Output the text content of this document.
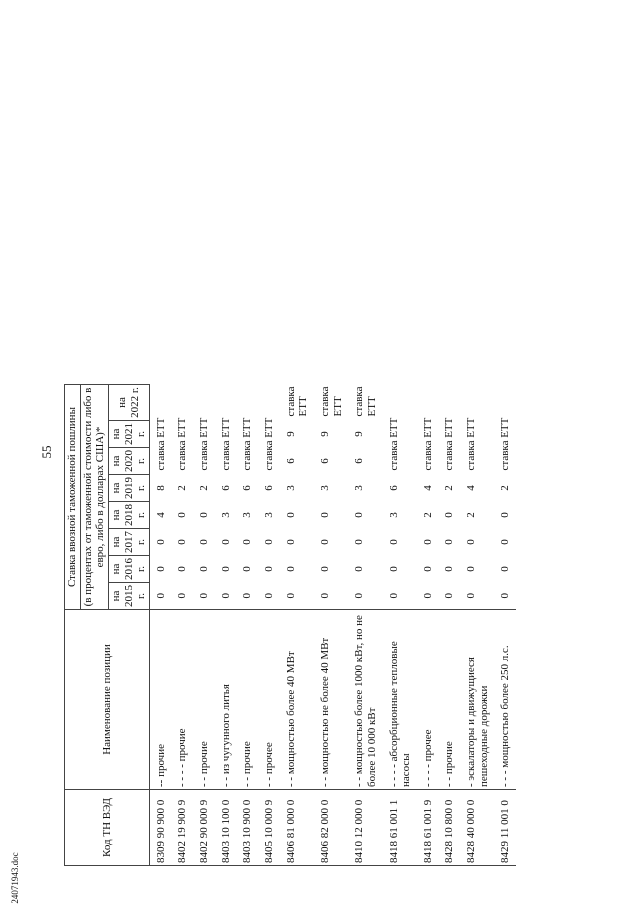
55
24071943.doc
Код ТН ВЭД	Наименование позиции	Ставка ввозной таможенной пошлины							
		(в процентах от таможенной стоимости либо в евро, либо в долларах США)*							
		на 2015 г.	на 2016 г.	на 2017 г.	на 2018 г.	на 2019 г.	на 2020 г.	на 2021 г.	на 2022 г.
8309 90 900 0	-- прочие	0	0	0	4	8	ставка ЕТТ		
8402 19 900 9	- - - - прочие	0	0	0	0	2	ставка ЕТТ		
8402 90 000 9	- - прочие	0	0	0	0	2	ставка ЕТТ		
8403 10 100 0	- - из чугунного литья	0	0	0	3	6	ставка ЕТТ		
8403 10 900 0	- - прочие	0	0	0	3	6	ставка ЕТТ		
8405 10 000 9	- - прочее	0	0	0	3	6	ставка ЕТТ		
8406 81 000 0	- - мощностью более 40 МВт	0	0	0	0	3	6	9	ставка ЕТТ
8406 82 000 0	- - мощностью не более 40 МВт	0	0	0	0	3	6	9	ставка ЕТТ
8410 12 000 0	- - мощностью более 1000 кВт, но не более 10 000 кВт	0	0	0	0	3	6	9	ставка ЕТТ
8418 61 001 1	- - - - абсорбционные тепловые насосы	0	0	0	3	6	ставка ЕТТ		
8418 61 001 9	- - - - прочее	0	0	0	2	4	ставка ЕТТ		
8428 10 800 0	- - прочие	0	0	0	0	2	ставка ЕТТ		
8428 40 000 0	- эскалаторы и движущиеся пешеходные дорожки	0	0	0	2	4	ставка ЕТТ		
8429 11 001 0	- - - мощностью более 250 л.с.	0	0	0	0	2	ставка ЕТТ		
